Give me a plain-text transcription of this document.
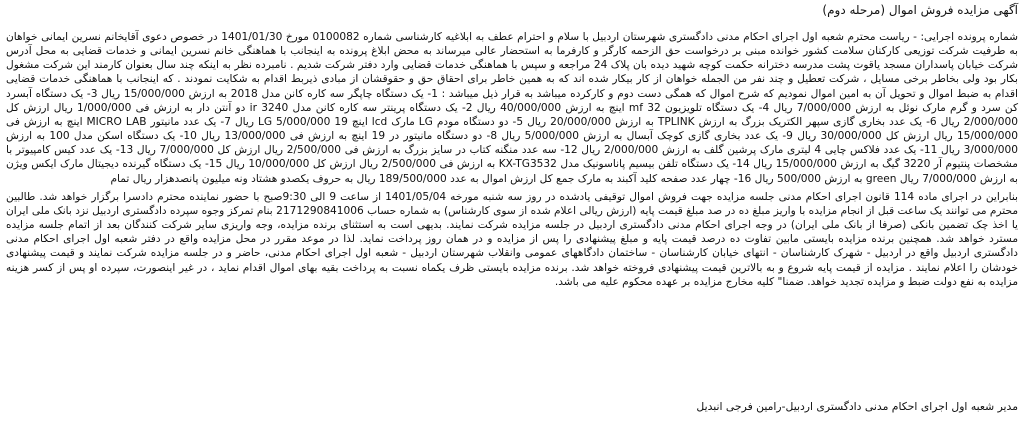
آگهی مزایده فروش اموال (مرحله دوم)

شماره پرونده اجرایی: - ریاست محترم شعبه اول اجرای احکام مدنی دادگستری شهرستان اردبیل با سلام و احترام عطف به ابلاغیه کارشناسی شماره 0100082 مورخ 1401/01/30 در خصوص دعوی آقایخانم نسرین ایمانی خواهان به طرفیت شرکت توزیعی کارکنان سلامت کشور خوانده مبنی بر درخواست حق الزحمه کارگر و کارفرما به استحضار عالی میرساند به محض ابلاغ پرونده به اینجانب با هماهنگی خانم نسرین ایمانی و خدمات قضایی به محل آدرس شرکت خیابان پاسداران مسجد یاقوت پشت مدرسه دخترانه حکمت کوچه شهید دیده بان پلاک 24 مراجعه و سپس با هماهنگی خدمات قضایی وارد دفتر شرکت شدیم . نامبرده نظر به اینکه چند سال بعنوان کارمند این شرکت مشغول بکار بود ولی بخاطر برخی مسایل ، شرکت تعطیل و چند نفر من الجمله خواهان از کار بیکار شده اند که به همین خاطر برای احقاق حق و حقوقشان از مبادی ذیربط اقدام به شکایت نمودند . که اینجانب با هماهنگی خدمات قضایی اقدام به ضبط اموال و تحویل آن به امین اموال نمودیم که شرح اموال که همگی دست دوم و کارکرده میباشد به قرار ذیل میباشد : 1- یک دستگاه چاپگر سه کاره کانن مدل 2018 به ارزش 15/000/000 ریال 3- یک دستگاه آبسرد کن سرد و گرم مارک نوئل به ارزش 7/000/000 ریال 4- یک دستگاه تلویزیون 32 mf اینچ به ارزش 40/000/000 ریال 2- یک دستگاه پرینتر سه کاره کانن مدل 3240 ir دو آنتن دار به ارزش فی 1/000/000 ریال ارزش کل 2/000/000 ریال 6- یک عدد بخاری گازی سپهر الکتریک بزرگ به ارزش TPLINK به ارزش 20/000/000 ریال 5- دو دستگاه مودم LG مارک lcd اینچ 19 LG 5/000/000 ریال 7- یک عدد مانیتور MICRO LAB اینچ به ارزش فی 15/000/000 ریال ارزش کل 30/000/000 ریال 9- یک عدد بخاری گازی کوچک آبسال به ارزش 5/000/000 ریال 8- دو دستگاه مانیتور در 19 اینچ به ارزش فی 13/000/000 ریال 10- یک دستگاه اسکن مدل 100 به ارزش 3/000/000 ریال 11- یک عدد فلاکس چایی 4 لیتری مارک پرشین گلف به ارزش 2/000/000 ریال 12- سه عدد منگنه کتاب در سایز بزرگ به ارزش فی 2/500/000 ریال ارزش کل 7/000/000 ریال 13- یک عدد کیس کامپیوتر با مشخصات پنتیوم آر 3220 گیگ به ارزش 15/000/000 ریال 14- یک دستگاه تلفن بیسیم پاناسونیک مدل KX-TG3532 به ارزش فی 2/500/000 ریال ارزش کل 10/000/000 ریال 15- یک دستگاه گیرنده دیجیتال مارک ایکس ویژن به ارزش 7/000/000 ریال green به ارزش 500/000 ریال 16- چهار عدد صفحه کلید آکبند به مارک جمع کل ارزش اموال به عدد 189/500/000 ریال به حروف یکصدو هشتاد ونه میلیون پانصدهزار ریال تمام

بنابراین در اجرای ماده 114 قانون اجرای احکام مدنی جلسه مزایده جهت فروش اموال توقیفی یادشده در روز سه شنبه مورخه 1401/05/04 از ساعت 9 الی 9:30صبح با حضور نماینده محترم دادسرا برگزار خواهد شد. طالبین محترم می توانند یک ساعت قبل از انجام مزایده با واریز مبلغ ده در صد مبلغ قیمت پایه (ارزش ریالی اعلام شده از سوی کارشناس) به شماره حساب 2171290841006 بنام تمرکز وجوه سپرده دادگستری اردبیل نزد بانک ملی ایران یا اخذ چک تضمین بانکی (صرفا از بانک ملی ایران) در وجه اجرای احکام مدنی دادگستری اردبیل در جلسه مزایده شرکت نمایند. بدیهی است به استثنای برنده مزایده، وجه واریزی سایر شرکت کنندگان بعد از اتمام جلسه مزایده مسترد خواهد شد. همچنین برنده مزایده بایستی مابین تفاوت ده درصد قیمت پایه و مبلغ پیشنهادی را پس از مزایده و در همان روز پرداخت نماید. لذا در موعد مقرر در محل مزایده واقع در دفتر شعبه اول اجرای احکام مدنی دادگستری اردبیل واقع در اردبیل - شهرک کارشناسان - انتهای خیابان کارشناسان - ساختمان دادگاههای عمومی وانقلاب شهرستان اردبیل - شعبه اول اجرای احکام مدنی، حاضر و در جلسه مزایده شرکت نمایند و قیمت پیشنهادی خودشان را اعلام نمایند . مزایده از قیمت پایه شروع و به بالاترین قیمت پیشنهادی فروخته خواهد شد. برنده مزایده بایستی ظرف یکماه نسبت به پرداخت بقیه بهای اموال اقدام نماید ، در غیر اینصورت، سپرده او پس از کسر هزینه مزایده به نفع دولت ضبط و مزایده تجدید خواهد. ضمنا" کلیه مخارج مزایده بر عهده محکوم علیه می باشد.

مدیر شعبه اول اجرای احکام مدنی دادگستری اردبیل-رامین فرجی انبدیل
